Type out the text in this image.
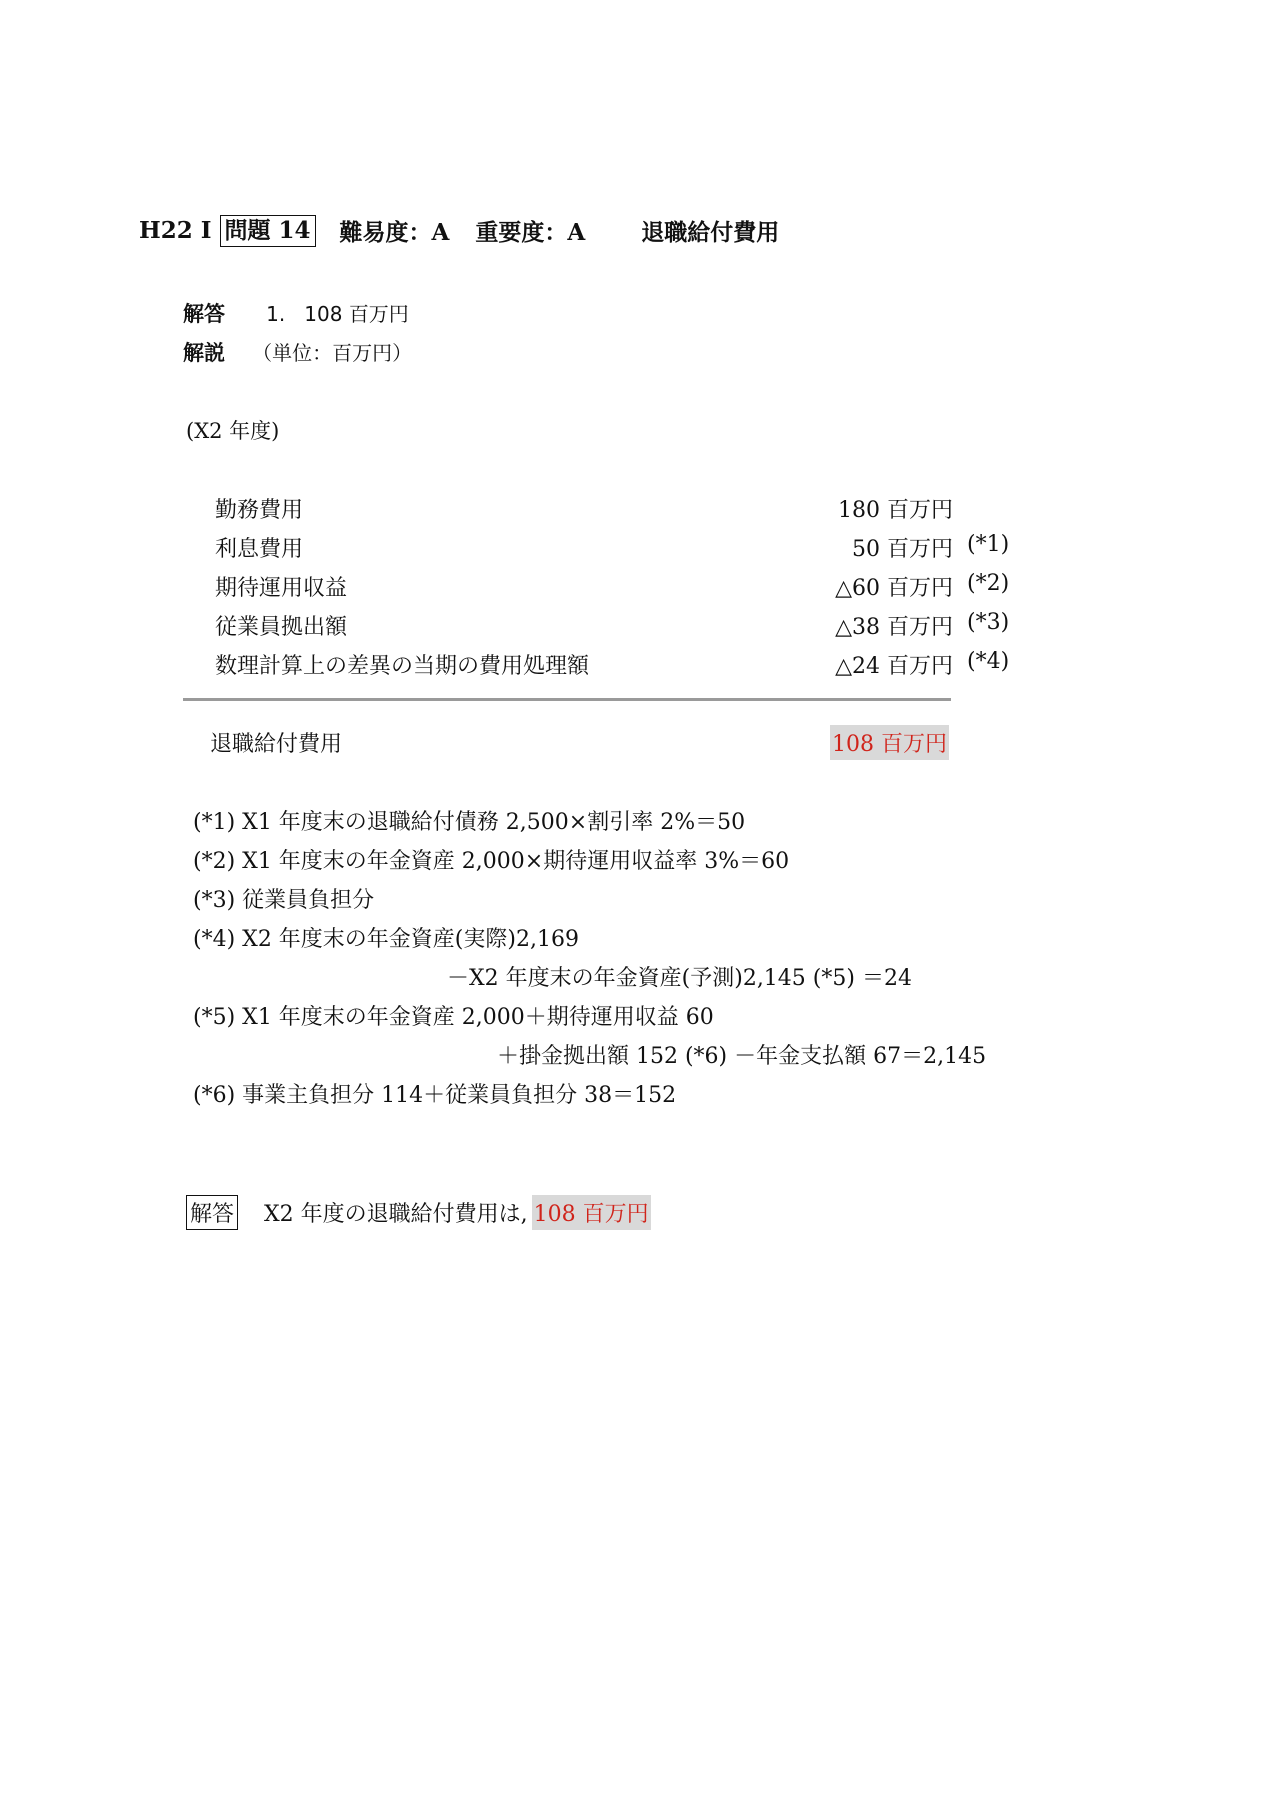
H22 I 問題 14 難易度：A 重要度：A 退職給付費用
解答 1. 108 百万円
解説 （単位：百万円）
(X2 年度)
勤務費用	180 百万円
利息費用	50 百万円 (*1)
期待運用収益	△60 百万円 (*2)
従業員拠出額	△38 百万円 (*3)
数理計算上の差異の当期の費用処理額	△24 百万円 (*4)
退職給付費用	108 百万円
(*1) X1 年度末の退職給付債務 2,500×割引率 2%＝50
(*2) X1 年度末の年金資産 2,000×期待運用収益率 3%＝60
(*3) 従業員負担分
(*4) X2 年度末の年金資産(実際)2,169
－X2 年度末の年金資産(予測)2,145 (*5) ＝24
(*5) X1 年度末の年金資産 2,000＋期待運用収益 60
＋掛金拠出額 152 (*6) －年金支払額 67＝2,145
(*6) 事業主負担分 114＋従業員負担分 38＝152
解答 X2 年度の退職給付費用は, 108 百万円
